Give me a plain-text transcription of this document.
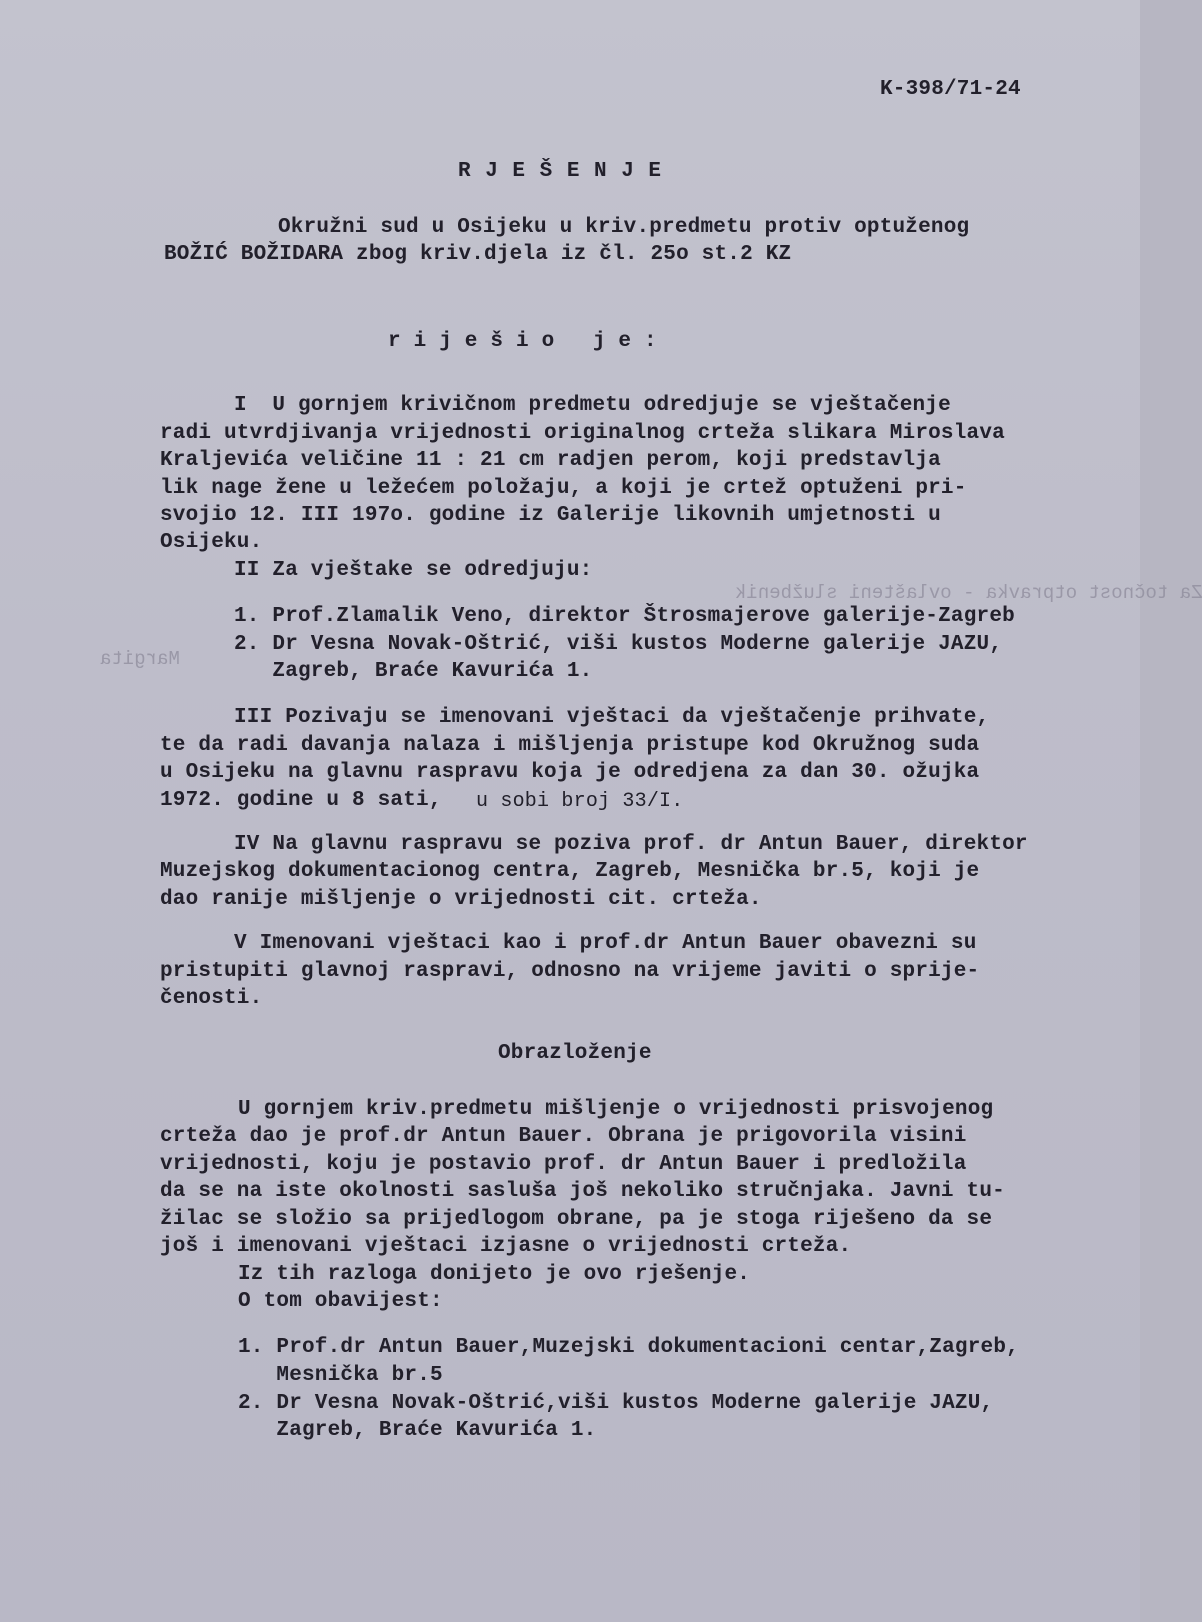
Za točnost otpravka - ovlašteni službenik
Margita

K-398/71-24

R J E Š E N J E

Okružni sud u Osijeku u kriv.predmetu protiv optuženog

BOŽIĆ BOŽIDARA zbog kriv.djela iz čl. 25o st.2 KZ

r i j e š i o   j e :

I  U gornjem krivičnom predmetu odredjuje se vještačenje

radi utvrdjivanja vrijednosti originalnog crteža slikara Miroslava

Kraljevića veličine 11 : 21 cm radjen perom, koji predstavlja

lik nage žene u ležećem položaju, a koji je crtež optuženi pri-

svojio 12. III 197o. godine iz Galerije likovnih umjetnosti u

Osijeku.

II Za vještake se odredjuju:

1. Prof.Zlamalik Veno, direktor Štrosmajerove galerije-Zagreb

2. Dr Vesna Novak-Oštrić, viši kustos Moderne galerije JAZU,

Zagreb, Braće Kavurića 1.

III Pozivaju se imenovani vještaci da vještačenje prihvate,

te da radi davanja nalaza i mišljenja pristupe kod Okružnog suda

u Osijeku na glavnu raspravu koja je odredjena za dan 30. ožujka

1972. godine u 8 sati, u sobi broj 33/I.

IV Na glavnu raspravu se poziva prof. dr Antun Bauer, direktor

Muzejskog dokumentacionog centra, Zagreb, Mesnička br.5, koji je

dao ranije mišljenje o vrijednosti cit. crteža.

V Imenovani vještaci kao i prof.dr Antun Bauer obavezni su

pristupiti glavnoj raspravi, odnosno na vrijeme javiti o sprije-

čenosti.

Obrazloženje

U gornjem kriv.predmetu mišljenje o vrijednosti prisvojenog

crteža dao je prof.dr Antun Bauer. Obrana je prigovorila visini

vrijednosti, koju je postavio prof. dr Antun Bauer i predložila

da se na iste okolnosti sasluša još nekoliko stručnjaka. Javni tu-

žilac se složio sa prijedlogom obrane, pa je stoga riješeno da se

još i imenovani vještaci izjasne o vrijednosti crteža.

Iz tih razloga donijeto je ovo rješenje.

O tom obavijest:

1. Prof.dr Antun Bauer,Muzejski dokumentacioni centar,Zagreb,

Mesnička br.5

2. Dr Vesna Novak-Oštrić,viši kustos Moderne galerije JAZU,

Zagreb, Braće Kavurića 1.
